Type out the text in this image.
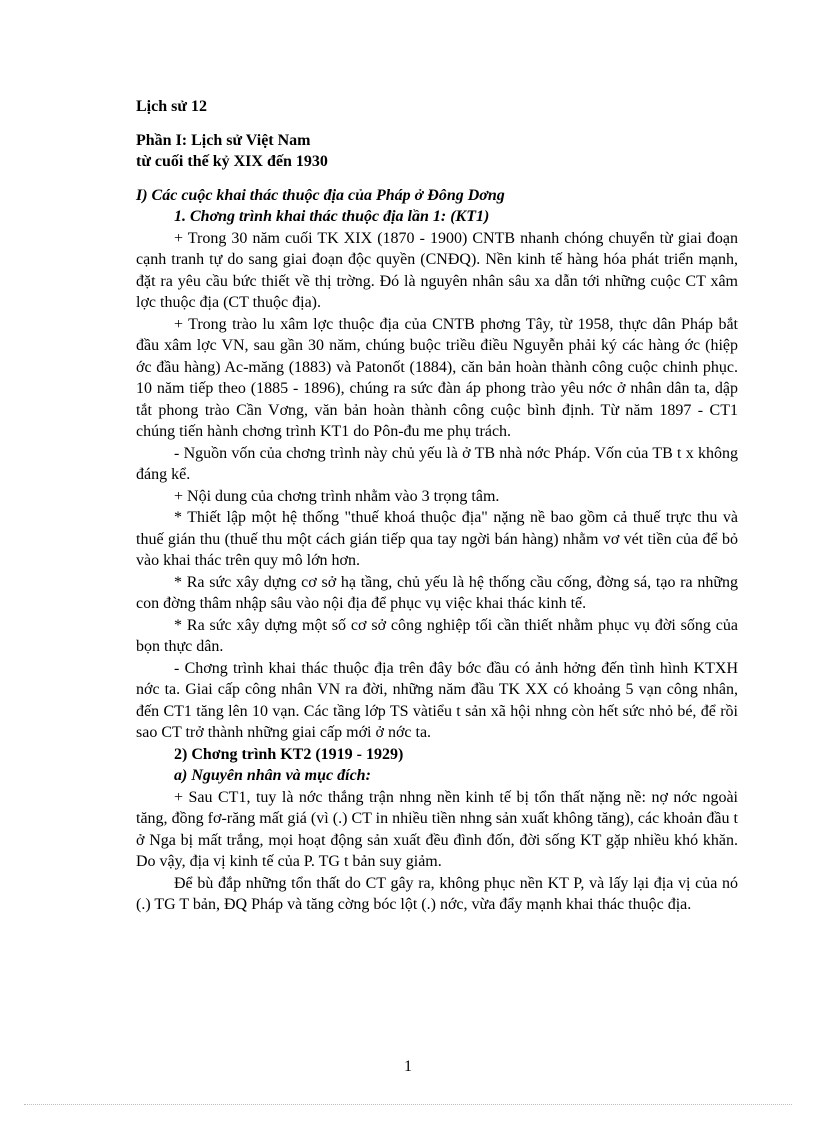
Lịch sử 12

Phần I: Lịch sử Việt Nam

từ cuối thế kỷ XIX đến 1930

I) Các cuộc khai thác thuộc địa của Pháp ở Đông Dơng

1. Chơng trình khai thác thuộc địa lần 1: (KT1)

+ Trong 30 năm cuối TK XIX (1870 - 1900) CNTB nhanh chóng chuyển từ giai đoạn cạnh tranh tự do sang giai đoạn độc quyền (CNĐQ). Nền kinh tế hàng hóa phát triển mạnh, đặt ra yêu cầu bức thiết về thị trờng. Đó là nguyên nhân sâu xa dẫn tới những cuộc CT xâm lợc thuộc địa (CT thuộc địa).

+ Trong trào lu xâm lợc thuộc địa của CNTB phơng Tây, từ 1958, thực dân Pháp bắt đầu xâm lợc VN, sau gần 30 năm, chúng buộc triều điều Nguyễn phải ký các hàng ớc (hiệp ớc đầu hàng) Ac-măng (1883) và Patonốt (1884), căn bản hoàn thành công cuộc chinh phục. 10 năm tiếp theo (1885 - 1896), chúng ra sức đàn áp phong trào yêu nớc ở nhân dân ta, dập tắt phong trào Cần Vơng, văn bản hoàn thành công cuộc bình định. Từ năm 1897 - CT1 chúng tiến hành chơng trình KT1 do Pôn-đu me phụ trách.

- Nguồn vốn của chơng trình này chủ yếu là ở TB nhà nớc Pháp. Vốn của TB t x không đáng kể.

+ Nội dung của chơng trình nhằm vào 3 trọng tâm.

* Thiết lập một hệ thống "thuế khoá thuộc địa" nặng nề bao gồm cả thuế trực thu và thuế gián thu (thuế thu một cách gián tiếp qua tay ngời bán hàng) nhằm vơ vét tiền của để bỏ vào khai thác trên quy mô lớn hơn.

* Ra sức xây dựng cơ sở hạ tầng, chủ yếu là hệ thống cầu cống, đờng sá, tạo ra những con đờng thâm nhập sâu vào nội địa để phục vụ việc khai thác kinh tế.

* Ra sức xây dựng một số cơ sở công nghiệp tối cần thiết nhằm phục vụ đời sống của bọn thực dân.

- Chơng trình khai thác thuộc địa trên đây bớc đầu có ảnh hởng đến tình hình KTXH nớc ta. Giai cấp công nhân VN ra đời, những năm đầu TK XX có khoảng 5 vạn công nhân, đến CT1 tăng lên 10 vạn. Các tầng lớp TS vàtiểu t sản xã hội nhng còn hết sức nhỏ bé, để rồi sao CT trở thành những giai cấp mới ở nớc ta.

2) Chơng trình KT2 (1919 - 1929)

a) Nguyên nhân và mục đích:

+ Sau CT1, tuy là nớc thắng trận nhng nền kinh tế bị tổn thất nặng nề: nợ nớc ngoài tăng, đồng fơ-răng mất giá (vì (.) CT in nhiều tiền nhng sản xuất không tăng), các khoản đầu t ở Nga bị mất trắng, mọi hoạt động sản xuất đều đình đốn, đời sống KT gặp nhiều khó khăn. Do vậy, địa vị kinh tế của P. TG t bản suy giảm.

Để bù đắp những tổn thất do CT gây ra, không phục nền KT P, và lấy lại địa vị của nó (.) TG T bản, ĐQ Pháp và tăng cờng bóc lột (.) nớc, vừa đẩy mạnh khai thác thuộc địa.

1
